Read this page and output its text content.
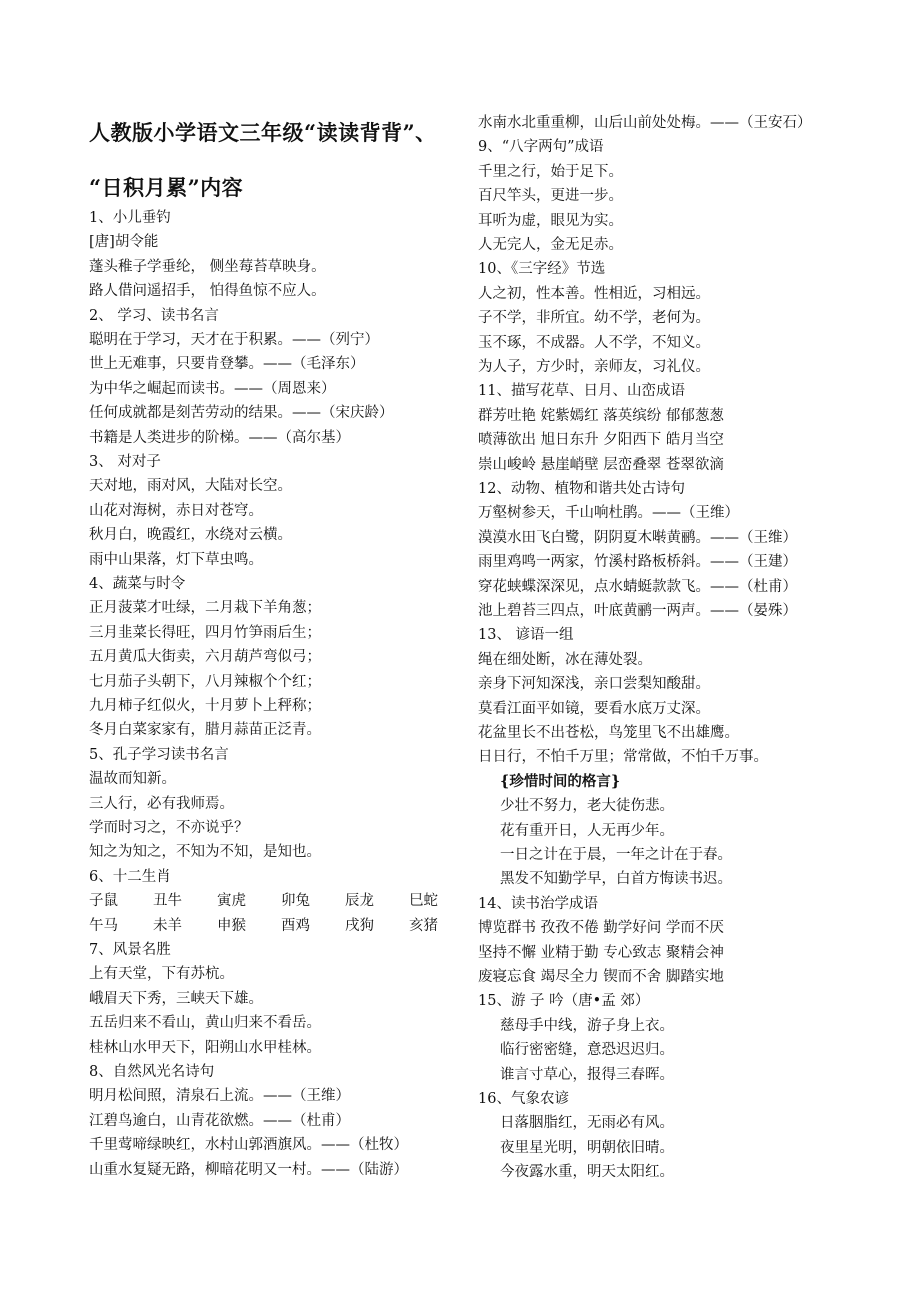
人教版小学语文三年级“读读背背”、
“日积月累”内容
1、小儿垂钓
[唐]胡令能
蓬头稚子学垂纶， 侧坐莓苔草映身。
路人借问遥招手， 怕得鱼惊不应人。
2、 学习、读书名言
聪明在于学习，天才在于积累。——（列宁）
世上无难事，只要肯登攀。——（毛泽东）
为中华之崛起而读书。——（周恩来）
任何成就都是刻苦劳动的结果。——（宋庆龄）
书籍是人类进步的阶梯。——（高尔基）
3、 对对子
天对地，雨对风，大陆对长空。
山花对海树，赤日对苍穹。
秋月白，晚霞红，水绕对云横。
雨中山果落，灯下草虫鸣。
4、蔬菜与时令
正月菠菜才吐绿，二月栽下羊角葱；
三月韭菜长得旺，四月竹笋雨后生；
五月黄瓜大街卖，六月葫芦弯似弓；
七月茄子头朝下，八月辣椒个个红；
九月柿子红似火，十月萝卜上秤称；
冬月白菜家家有，腊月蒜苗正泛青。
5、孔子学习读书名言
温故而知新。
三人行，必有我师焉。
学而时习之，不亦说乎？
知之为知之，不知为不知，是知也。
6、十二生肖
子鼠 丑牛 寅虎 卯兔 辰龙 巳蛇
午马 未羊 申猴 酉鸡 戌狗 亥猪
7、风景名胜
上有天堂，下有苏杭。
峨眉天下秀，三峡天下雄。
五岳归来不看山，黄山归来不看岳。
桂林山水甲天下，阳朔山水甲桂林。
8、自然风光名诗句
明月松间照，清泉石上流。——（王维）
江碧鸟逾白，山青花欲燃。——（杜甫）
千里莺啼绿映红，水村山郭酒旗风。——（杜牧）
山重水复疑无路，柳暗花明又一村。——（陆游）
水南水北重重柳，山后山前处处梅。——（王安石）
9、“八字两句”成语
千里之行，始于足下。
百尺竿头，更进一步。
耳听为虚，眼见为实。
人无完人，金无足赤。
10、《三字经》节选
人之初，性本善。性相近，习相远。
子不学，非所宜。幼不学，老何为。
玉不琢，不成器。人不学，不知义。
为人子，方少时，亲师友，习礼仪。
11、描写花草、日月、山峦成语
群芳吐艳 姹紫嫣红 落英缤纷 郁郁葱葱
喷薄欲出 旭日东升 夕阳西下 皓月当空
崇山峻岭 悬崖峭壁 层峦叠翠 苍翠欲滴
12、动物、植物和谐共处古诗句
万壑树参天，千山响杜鹃。——（王维）
漠漠水田飞白鹭，阴阴夏木啭黄鹂。——（王维）
雨里鸡鸣一两家，竹溪村路板桥斜。——（王建）
穿花蛱蝶深深见，点水蜻蜓款款飞。——（杜甫）
池上碧苔三四点，叶底黄鹂一两声。——（晏殊）
13、 谚语一组
绳在细处断，冰在薄处裂。
亲身下河知深浅，亲口尝梨知酸甜。
莫看江面平如镜，要看水底万丈深。
花盆里长不出苍松，鸟笼里飞不出雄鹰。
日日行，不怕千万里；常常做，不怕千万事。
{珍惜时间的格言}
少壮不努力，老大徒伤悲。
花有重开日，人无再少年。
一日之计在于晨，一年之计在于春。
黑发不知勤学早，白首方悔读书迟。
14、读书治学成语
博览群书 孜孜不倦 勤学好问 学而不厌
坚持不懈 业精于勤 专心致志 聚精会神
废寝忘食 竭尽全力 锲而不舍 脚踏实地
15、游 子 吟（唐•孟 郊）
慈母手中线，游子身上衣。
临行密密缝，意恐迟迟归。
谁言寸草心，报得三春晖。
16、气象农谚
日落胭脂红，无雨必有风。
夜里星光明，明朝依旧晴。
今夜露水重，明天太阳红。
